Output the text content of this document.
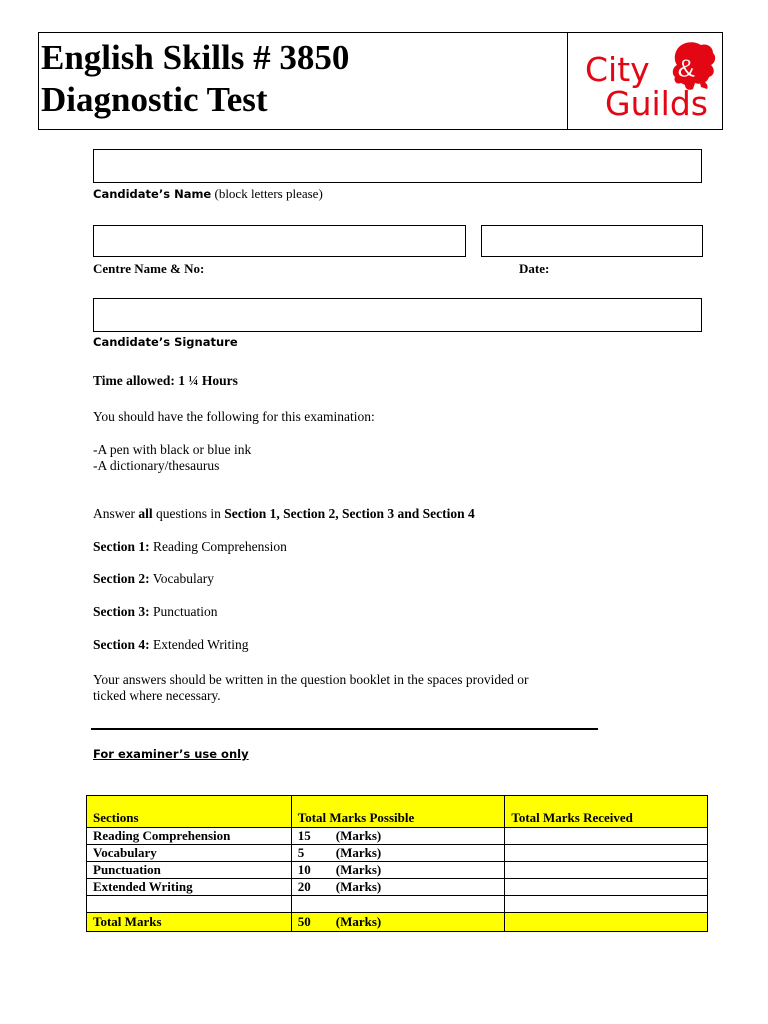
English Skills # 3850
Diagnostic Test
&
City
Guilds
Candidate’s Name (block letters please)
Centre Name & No:	Date:
Candidate’s Signature
Time allowed: 1 ¼ Hours
You should have the following for this examination:
-A pen with black or blue ink
-A dictionary/thesaurus
Answer all questions in Section 1, Section 2, Section 3 and Section 4
Section 1: Reading Comprehension
Section 2: Vocabulary
Section 3: Punctuation
Section 4: Extended Writing
Your answers should be written in the question booklet in the spaces provided or
ticked where necessary.
For examiner’s use only
Sections	Total Marks Possible	Total Marks Received
Reading Comprehension	15 (Marks)	
Vocabulary	5 (Marks)	
Punctuation	10 (Marks)	
Extended Writing	20 (Marks)	

Total Marks	50 (Marks)	
